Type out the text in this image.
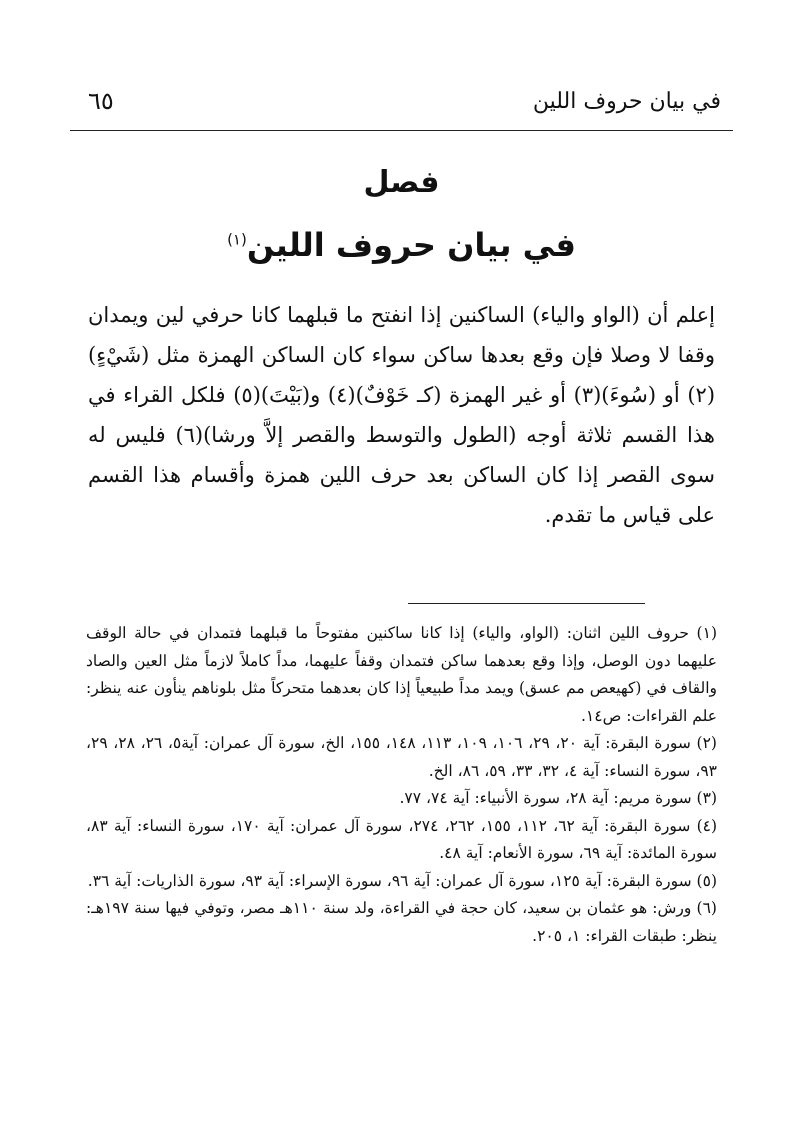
في بيان حروف اللين
٦٥
فصل
في بيان حروف اللين$^{(١)}$

إعلم أن (الواو والياء) الساكنين إذا انفتح ما قبلهما كانا حرفي لين ويمدان وقفا لا وصلا فإن وقع بعدها ساكن سواء كان الساكن الهمزة مثل (شَيْءٍ)(٢) أو (سُوءَ)(٣) أو غير الهمزة (كـ خَوْفٌ)(٤) و(بَيْتَ)(٥) فلكل القراء في هذا القسم ثلاثة أوجه (الطول والتوسط والقصر إلاَّ ورشا)(٦) فليس له سوى القصر إذا كان الساكن بعد حرف اللين همزة وأقسام هذا القسم على قياس ما تقدم.

(١) حروف اللين اثنان: (الواو، والياء) إذا كانا ساكنين مفتوحاً ما قبلهما فتمدان في حالة الوقف عليهما دون الوصل، وإذا وقع بعدهما ساكن فتمدان وقفاً عليهما، مداً كاملاً لازماً مثل العين والصاد والقاف في (كهيعص مم عسق) ويمد مداً طبيعياً إذا كان بعدهما متحركاً مثل بلوناهم ينأون عنه ينظر: علم القراءات: ص١٤.

(٢) سورة البقرة: آية ٢٠، ٢٩، ١٠٦، ١٠٩، ١١٣، ١٤٨، ١٥٥، الخ، سورة آل عمران: آية٥، ٢٦، ٢٨، ٢٩، ٩٣، سورة النساء: آية ٤، ٣٢، ٣٣، ٥٩، ٨٦، الخ.

(٣) سورة مريم: آية ٢٨، سورة الأنبياء: آية ٧٤، ٧٧.

(٤) سورة البقرة: آية ٦٢، ١١٢، ١٥٥، ٢٦٢، ٢٧٤، سورة آل عمران: آية ١٧٠، سورة النساء: آية ٨٣، سورة المائدة: آية ٦٩، سورة الأنعام: آية ٤٨.

(٥) سورة البقرة: آية ١٢٥، سورة آل عمران: آية ٩٦، سورة الإسراء: آية ٩٣، سورة الذاريات: آية ٣٦.

(٦) ورش: هو عثمان بن سعيد، كان حجة في القراءة، ولد سنة ١١٠هـ مصر، وتوفي فيها سنة ١٩٧هـ: ينظر: طبقات القراء: ١، ٢٠٥.
